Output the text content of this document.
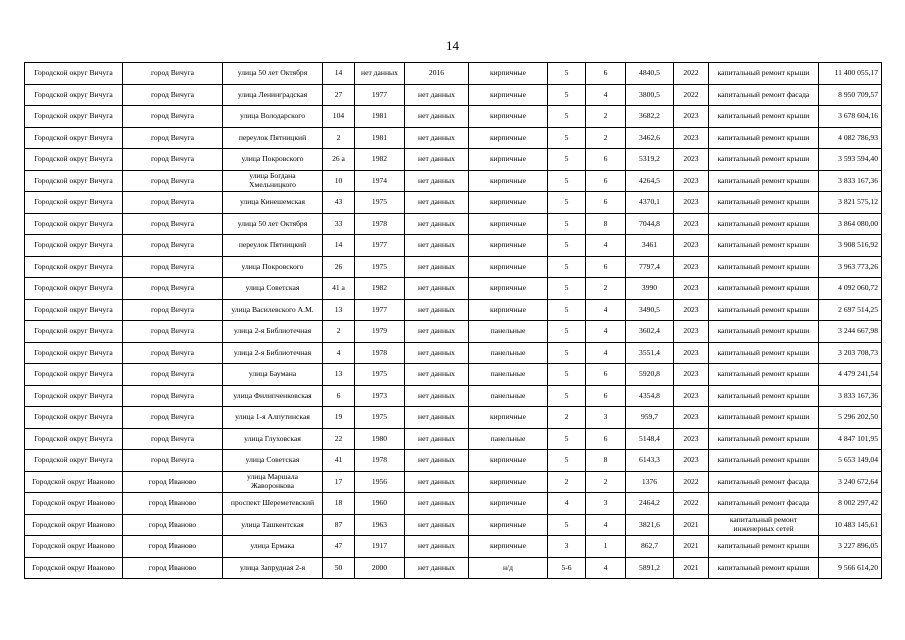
14
Городской округ Вичуга	город Вичуга	улица 50 лет Октября	14	нет данных	2016	кирпичные	5	6	4840,5	2022	капитальный ремонт крыши	11 400 055,17
Городской округ Вичуга	город Вичуга	улица Ленинградская	27	1977	нет данных	кирпичные	5	4	3800,5	2022	капитальный ремонт фасада	8 950 709,57
Городской округ Вичуга	город Вичуга	улица Володарского	104	1981	нет данных	кирпичные	5	2	3682,2	2023	капитальный ремонт крыши	3 678 604,16
Городской округ Вичуга	город Вичуга	переулок Пятницкий	2	1981	нет данных	кирпичные	5	2	3462,6	2023	капитальный ремонт крыши	4 082 786,93
Городской округ Вичуга	город Вичуга	улица Покровского	26 а	1982	нет данных	кирпичные	5	6	5319,2	2023	капитальный ремонт крыши	3 593 594,40
Городской округ Вичуга	город Вичуга	улица Богдана Хмельницкого	10	1974	нет данных	кирпичные	5	6	4264,5	2023	капитальный ремонт крыши	3 833 167,36
Городской округ Вичуга	город Вичуга	улица Кинешемская	43	1975	нет данных	кирпичные	5	6	4370,1	2023	капитальный ремонт крыши	3 821 575,12
Городской округ Вичуга	город Вичуга	улица 50 лет Октября	33	1978	нет данных	кирпичные	5	8	7044,8	2023	капитальный ремонт крыши	3 864 080,00
Городской округ Вичуга	город Вичуга	переулок Пятницкий	14	1977	нет данных	кирпичные	5	4	3461	2023	капитальный ремонт крыши	3 908 516,92
Городской округ Вичуга	город Вичуга	улица Покровского	26	1975	нет данных	кирпичные	5	6	7797,4	2023	капитальный ремонт крыши	3 963 773,26
Городской округ Вичуга	город Вичуга	улица Советская	41 а	1982	нет данных	кирпичные	5	2	3990	2023	капитальный ремонт крыши	4 092 060,72
Городской округ Вичуга	город Вичуга	улица Василевского А.М.	13	1977	нет данных	кирпичные	5	4	3490,5	2023	капитальный ремонт крыши	2 697 514,25
Городской округ Вичуга	город Вичуга	улица 2-я Библиотечная	2	1979	нет данных	панельные	5	4	3602,4	2023	капитальный ремонт крыши	3 244 667,98
Городской округ Вичуга	город Вичуга	улица 2-я Библиотечная	4	1978	нет данных	панельные	5	4	3551,4	2023	капитальный ремонт крыши	3 203 708,73
Городской округ Вичуга	город Вичуга	улица Баумана	13	1975	нет данных	панельные	5	6	5920,8	2023	капитальный ремонт крыши	4 479 241,54
Городской округ Вичуга	город Вичуга	улица Филипченковская	6	1973	нет данных	панельные	5	6	4354,8	2023	капитальный ремонт крыши	3 833 167,36
Городской округ Вичуга	город Вичуга	улица 1-я Алпутинская	19	1975	нет данных	кирпичные	2	3	959,7	2023	капитальный ремонт крыши	5 296 202,50
Городской округ Вичуга	город Вичуга	улица Глуховская	22	1980	нет данных	панельные	5	6	5148,4	2023	капитальный ремонт крыши	4 847 101,95
Городской округ Вичуга	город Вичуга	улица Советская	41	1978	нет данных	кирпичные	5	8	6143,3	2023	капитальный ремонт крыши	5 653 149,04
Городской округ Иваново	город Иваново	улица Маршала Жаворонкова	17	1956	нет данных	кирпичные	2	2	1376	2022	капитальный ремонт фасада	3 240 672,64
Городской округ Иваново	город Иваново	проспект Шереметевский	18	1960	нет данных	кирпичные	4	3	2464,2	2022	капитальный ремонт фасада	8 002 297,42
Городской округ Иваново	город Иваново	улица Ташкентская	87	1963	нет данных	кирпичные	5	4	3821,6	2021	капитальный ремонт инженерных сетей	10 483 145,61
Городской округ Иваново	город Иваново	улица Ермака	47	1917	нет данных	кирпичные	3	1	862,7	2021	капитальный ремонт крыши	3 227 896,05
Городской округ Иваново	город Иваново	улица Запрудная 2-я	50	2000	нет данных	н/д	5-6	4	5891,2	2021	капитальный ремонт крыши	9 566 614,20
